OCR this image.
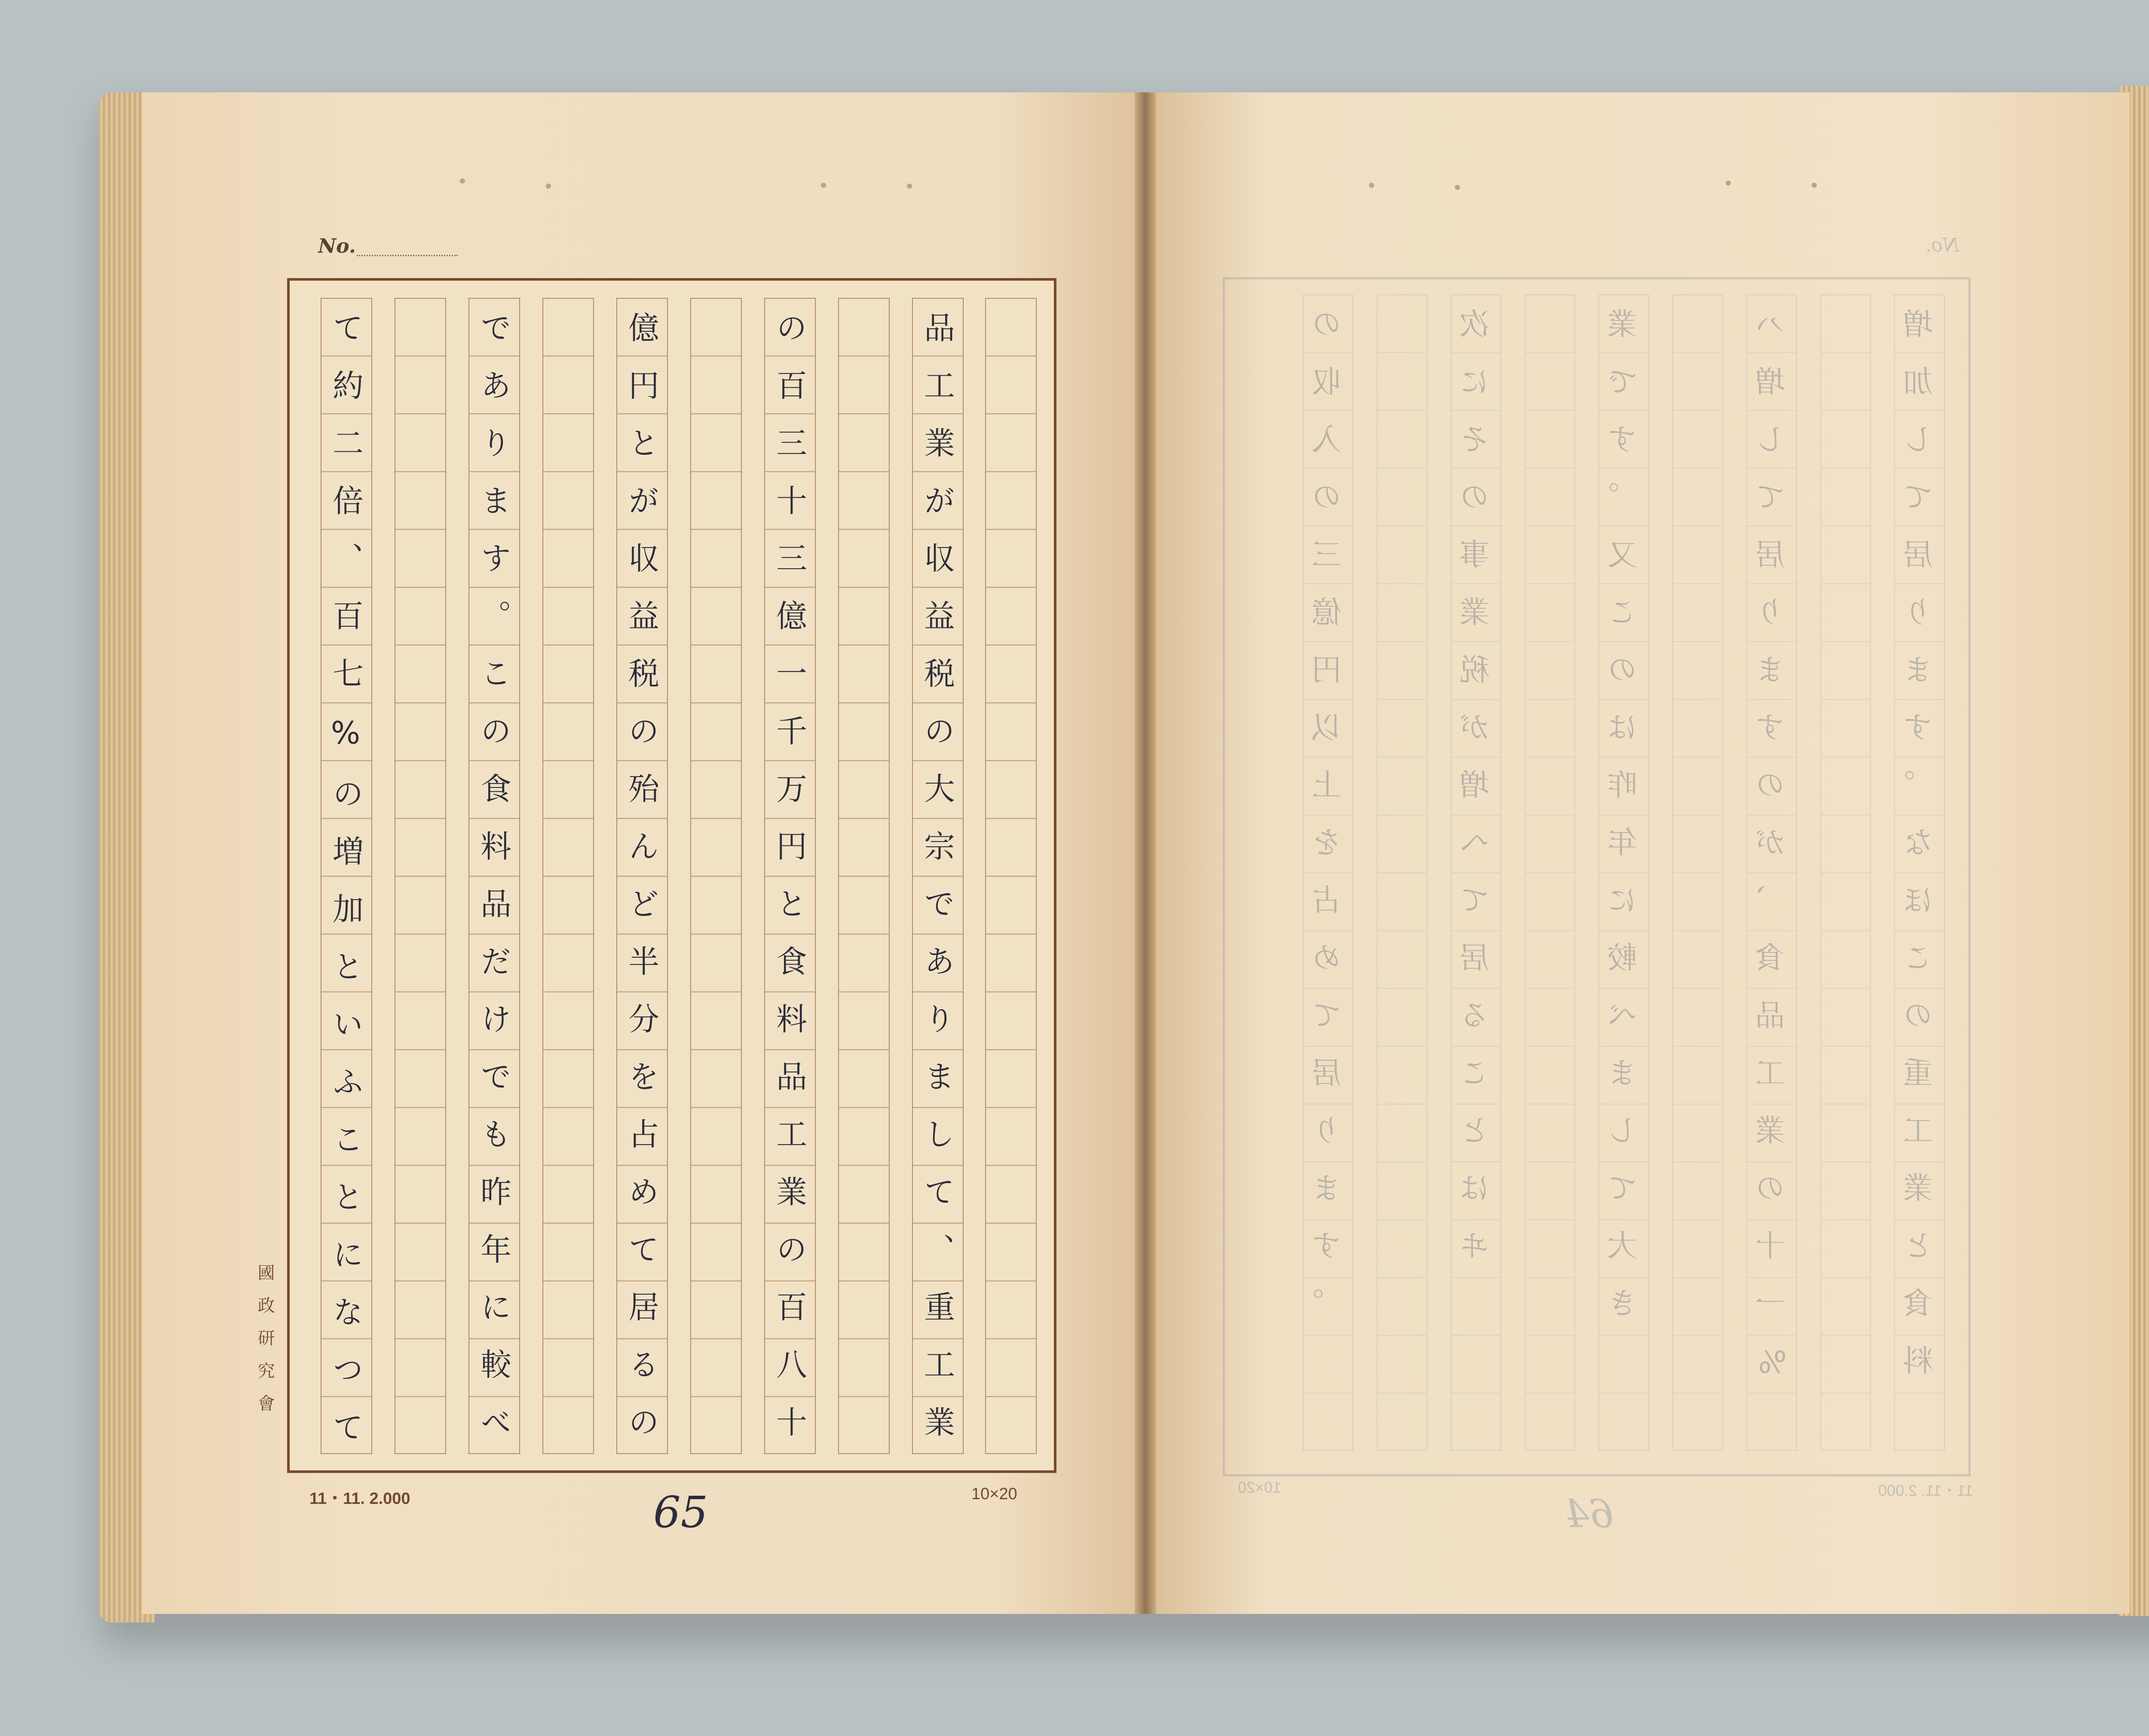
No.
品工業が収益税の大宗でありまして、重工業
の百三十三億一千万円と食料品工業の百八十
億円とが収益税の殆んど半分を占めて居るの
であります。この食料品だけでも昨年に較べ
て約二倍、百七%の増加といふことになつて
國政研究會
11・11. 2.000	10×20
65
No.
増加して居ります。なほこの重工業と食料
ハ増して居りますのが、食品工業の十一%
業です。又このは昨年に較べまして大き
次にその事業税が増へて居ることはヰ
の収入の三億円以上を占めて居ります。
11・11. 2.000
10×20
64
